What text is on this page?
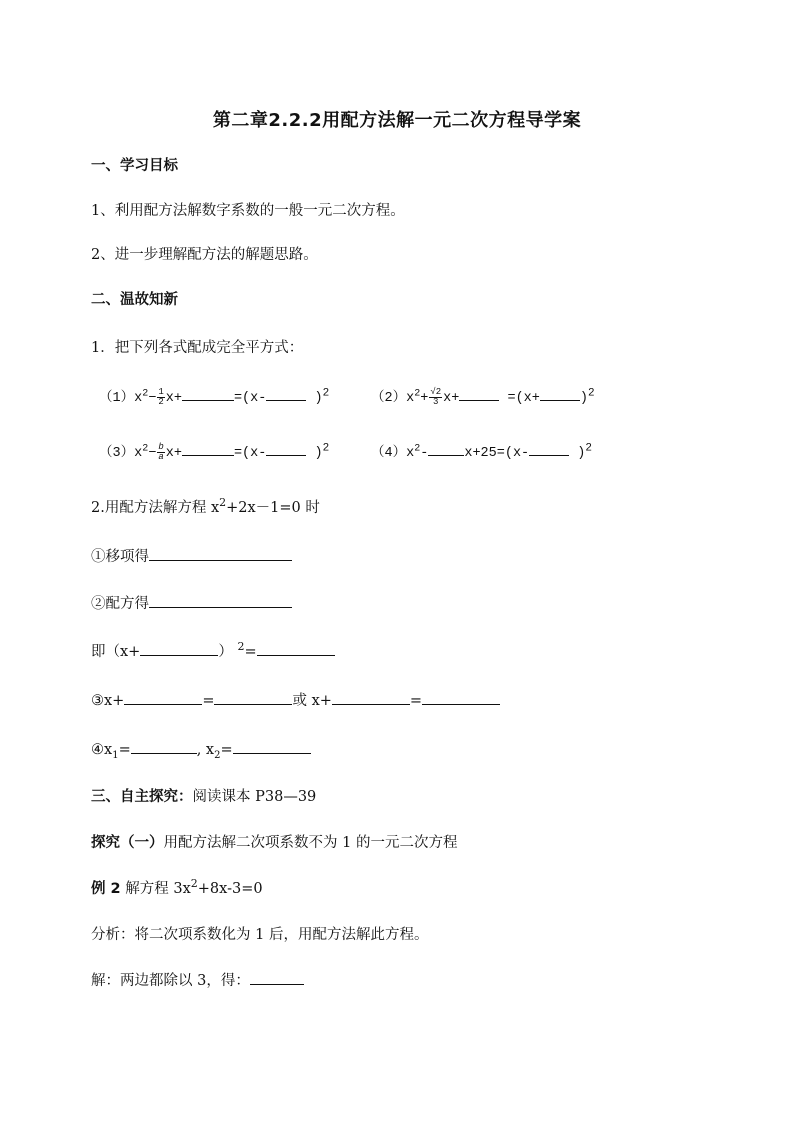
第二章2.2.2用配方法解一元二次方程导学案
一、学习目标
1、利用配方法解数字系数的一般一元二次方程。
2、进一步理解配方法的解题思路。
二、温故知新
1．把下列各式配成完全平方式：
$(1)x^2- \frac{1}{2} x+$	=(x-	)$^2$	$(2)x^2+ \frac{√2}{3} x+$	=(x+	)$^2$
$(3)x^2- \frac{b}{a} x+$	=(x-	)$^2$	$(4)x^2-$	x+25=(x-	)$^2$
2.用配方法解方程 $x^2+2x-1=0$ 时
①移项得
②配方得
即（x+	） $^2$=
③x+	=	或 x+	=
$④x_1=$	, $x_2=$
三、自主探究：阅读课本 P38—39
探究（一）用配方法解二次项系数不为 1 的一元二次方程
例 2 解方程 $3x^2+8x-3=0$
分析：将二次项系数化为 1 后，用配方法解此方程。
解：两边都除以 3，得：
